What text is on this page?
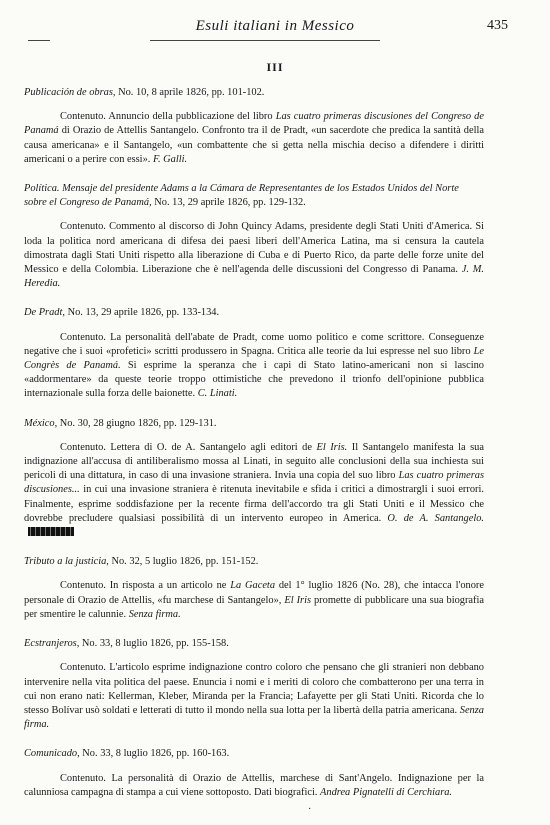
Esuli italiani in Messico	435
III

Publicación de obras, No. 10, 8 aprile 1826, pp. 101-102.

Contenuto. Annuncio della pubblicazione del libro Las cuatro primeras discusiones del Congreso de Panamá di Orazio de Attellis Santangelo. Confronto tra il de Pradt, «un sacerdote che predica la santità della causa americana» e il Santangelo, «un combattente che si getta nella mischia deciso a difendere i diritti americani o a perire con essi». F. Galli.

Política. Mensaje del presidente Adams a la Cámara de Representantes de los Estados Unidos del Norte sobre el Congreso de Panamá, No. 13, 29 aprile 1826, pp. 129-132.

Contenuto. Commento al discorso di John Quincy Adams, presidente degli Stati Uniti d'America. Si loda la politica nord americana di difesa dei paesi liberi dell'America Latina, ma si censura la cautela dimostrata dagli Stati Uniti rispetto alla liberazione di Cuba e di Puerto Rico, da parte delle forze unite del Messico e della Colombia. Liberazione che è nell'agenda delle discussioni del Congresso di Panama. J. M. Heredia.

De Pradt, No. 13, 29 aprile 1826, pp. 133-134.

Contenuto. La personalità dell'abate de Pradt, come uomo politico e come scrittore. Conseguenze negative che i suoi «profetici» scritti produssero in Spagna. Critica alle teorie da lui espresse nel suo libro Le Congrès de Panamá. Si esprime la speranza che i capi di Stato latino-americani non si lascino «addormentare» da queste teorie troppo ottimistiche che prevedono il trionfo dell'opinione pubblica internazionale sulla forza delle baionette. C. Linati.

México, No. 30, 28 giugno 1826, pp. 129-131.

Contenuto. Lettera di O. de A. Santangelo agli editori de El Iris. Il Santangelo manifesta la sua indignazione all'accusa di antiliberalismo mossa al Linati, in seguito alle conclusioni della sua inchiesta sui pericoli di una dittatura, in caso di una invasione straniera. Invia una copia del suo libro Las cuatro primeras discusiones... in cui una invasione straniera è ritenuta inevitabile e sfida i critici a dimostrargli i suoi errori. Finalmente, esprime soddisfazione per la recente firma dell'accordo tra gli Stati Uniti e il Messico che dovrebbe precludere qualsiasi possibilità di un intervento europeo in America. O. de A. Santangelo.

Tributo a la justicia, No. 32, 5 luglio 1826, pp. 151-152.

Contenuto. In risposta a un articolo ne La Gaceta del 1° luglio 1826 (No. 28), che intacca l'onore personale di Orazio de Attellis, «fu marchese di Santangelo», El Iris promette di pubblicare una sua biografia per smentire le calunnie. Senza firma.

Ecstranjeros, No. 33, 8 luglio 1826, pp. 155-158.

Contenuto. L'articolo esprime indignazione contro coloro che pensano che gli stranieri non debbano intervenire nella vita politica del paese. Enuncia i nomi e i meriti di coloro che combatterono per una terra in cui non erano nati: Kellerman, Kleber, Miranda per la Francia; Lafayette per gli Stati Uniti. Ricorda che lo stesso Bolívar usò soldati e letterati di tutto il mondo nella sua lotta per la libertà della patria americana. Senza firma.

Comunicado, No. 33, 8 luglio 1826, pp. 160-163.

Contenuto. La personalità di Orazio de Attellis, marchese di Sant'Angelo. Indignazione per la calunniosa campagna di stampa a cui viene sottoposto. Dati biografici. Andrea Pignatelli di Cerchiara.

·
